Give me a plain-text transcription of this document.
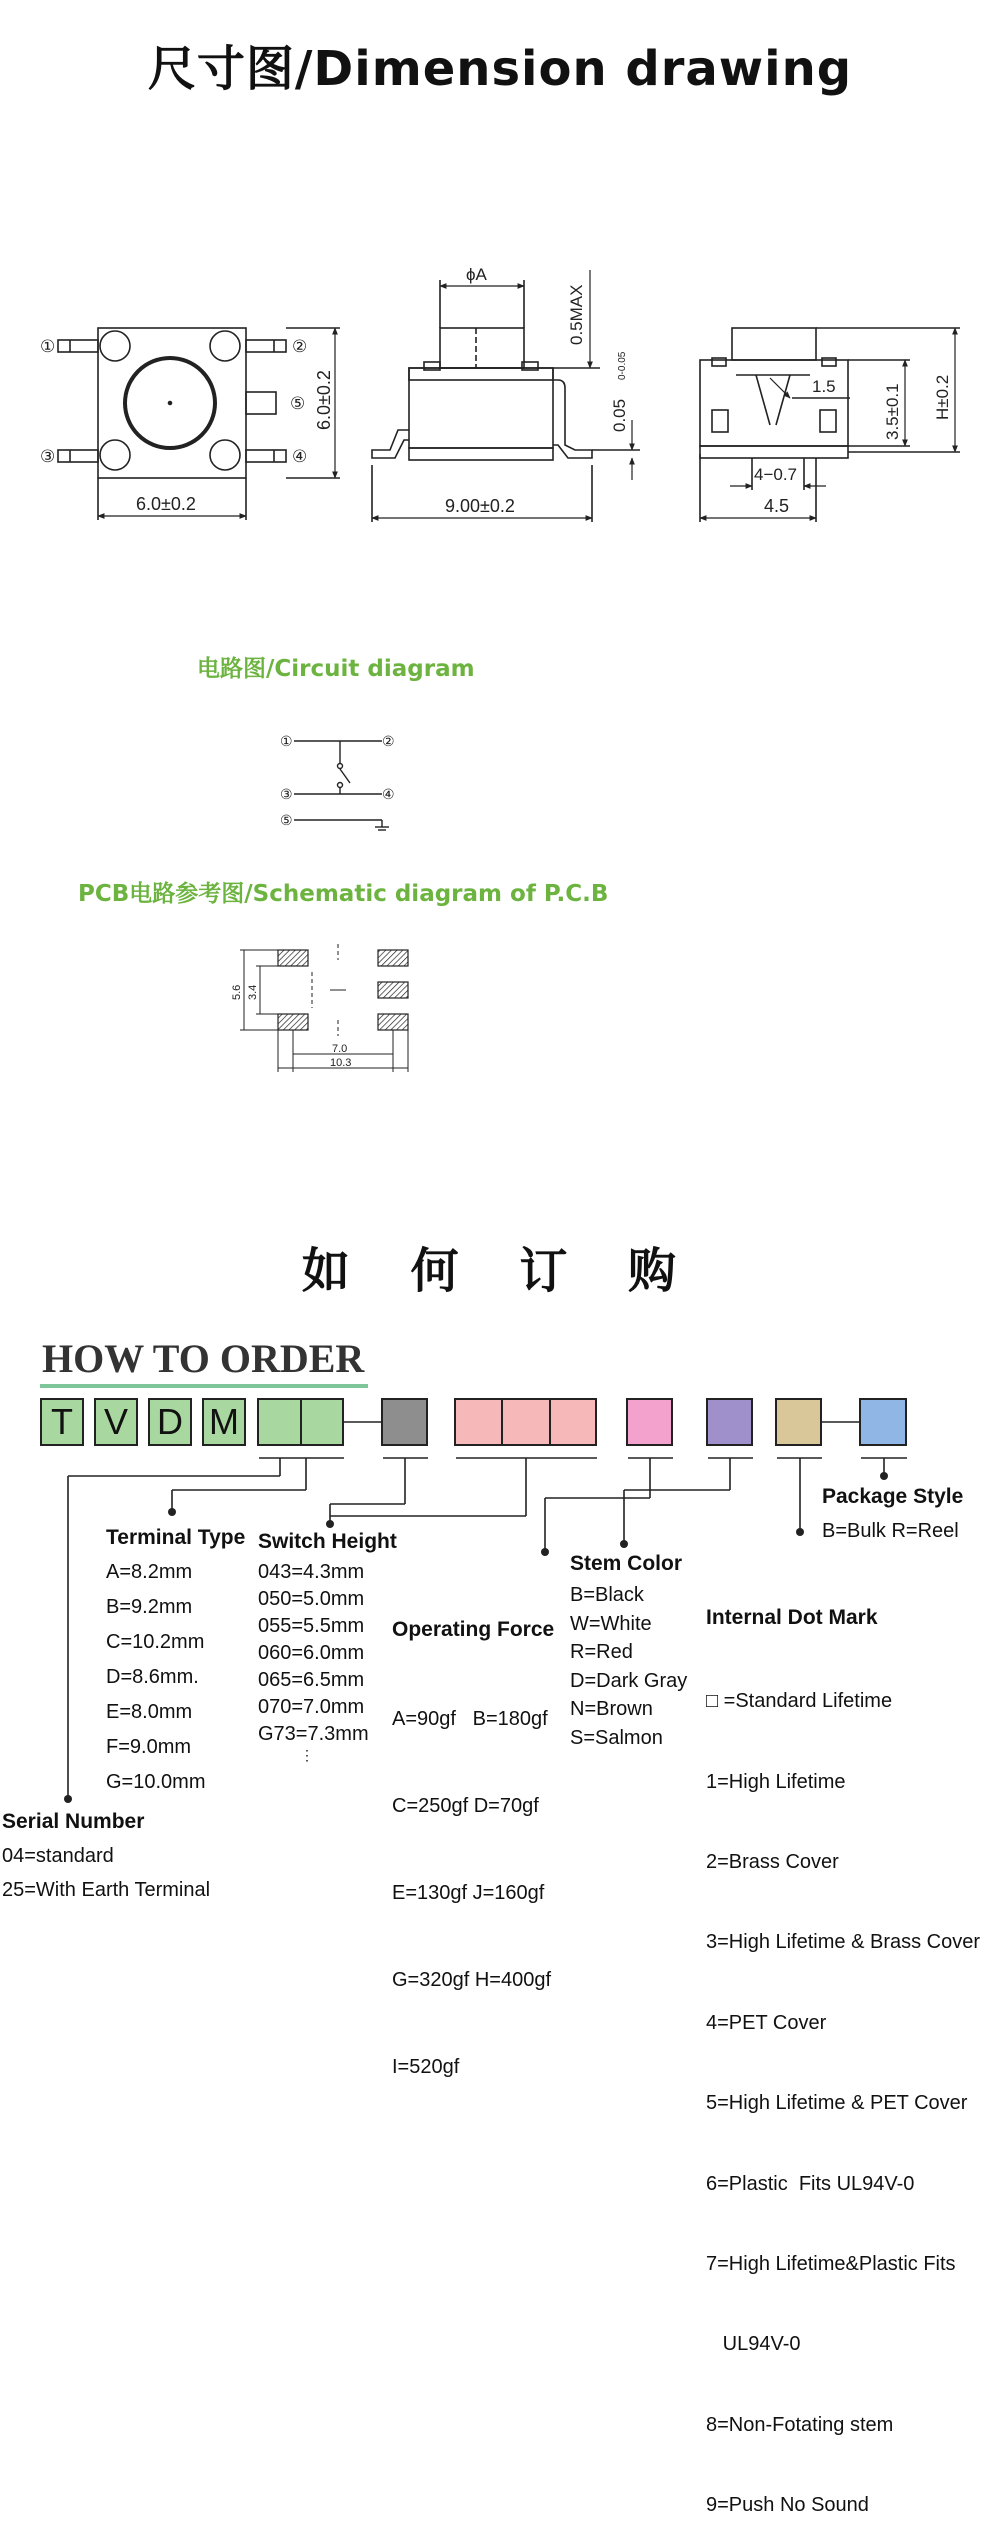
尺寸图/Dimension drawing
①	②
③	④
⑤
6.0±0.2
6.0±0.2
ϕA
0.5MAX
0.05
0-0.05
9.00±0.2
H±0.2
3.5±0.1
1.5
4−0.7
4.5
电路图/Circuit diagram
①	②
③	④
⑤
PCB电路参考图/Schematic diagram of P.C.B
5.6 3.4
7.0
10.3
如 何 订 购
HOW TO ORDER
T V D M
Terminal Type
A=8.2mm
B=9.2mm
C=10.2mm
D=8.6mm.
E=8.0mm
F=9.0mm
G=10.0mm
Switch Height
043=4.3mm
050=5.0mm
055=5.5mm
060=6.0mm
065=6.5mm
070=7.0mm
G73=7.3mm
⋮

Operating Force

A=90gf   B=180gf

C=250gf D=70gf

E=130gf J=160gf

G=320gf H=400gf

I=520gf

Stem Color
B=Black
W=White
R=Red
D=Dark Gray
N=Brown
S=Salmon

Internal Dot Mark

□ =Standard Lifetime

1=High Lifetime

2=Brass Cover

3=High Lifetime & Brass Cover

4=PET Cover

5=High Lifetime & PET Cover

6=Plastic  Fits UL94V-0

7=High Lifetime&Plastic Fits

UL94V-0

8=Non-Fotating stem

9=Push No Sound

Package Style
B=Bulk R=Reel
Serial Number
04=standard
25=With Earth Terminal
